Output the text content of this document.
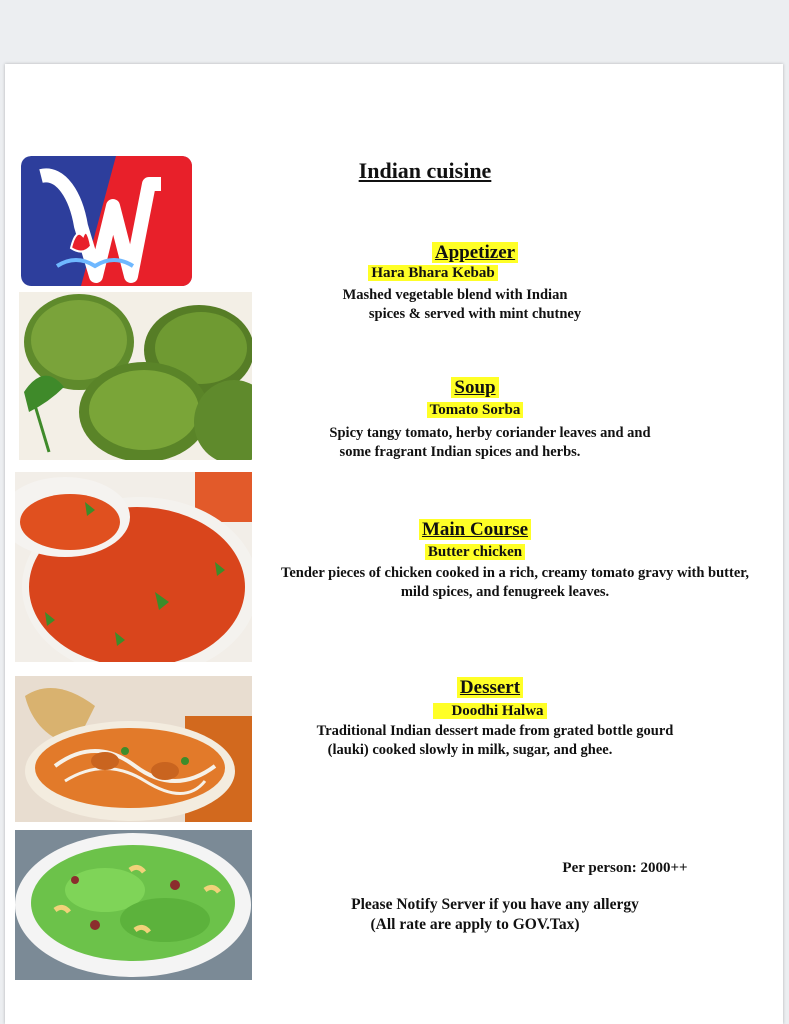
Indian cuisine
Appetizer
Hara Bhara Kebab
Mashed vegetable blend with Indian
spices & served with mint chutney
Soup
Tomato Sorba
Spicy tangy tomato, herby coriander leaves and and
some fragrant Indian spices and herbs.
Main Course
Butter chicken
Tender pieces of chicken cooked in a rich, creamy tomato gravy with butter,
mild spices, and fenugreek leaves.
Dessert
Doodhi Halwa
Traditional Indian dessert made from grated bottle gourd
(lauki) cooked slowly in milk, sugar, and ghee.
Per person: 2000++
Please Notify Server if you have any allergy
(All rate are apply to GOV.Tax)
